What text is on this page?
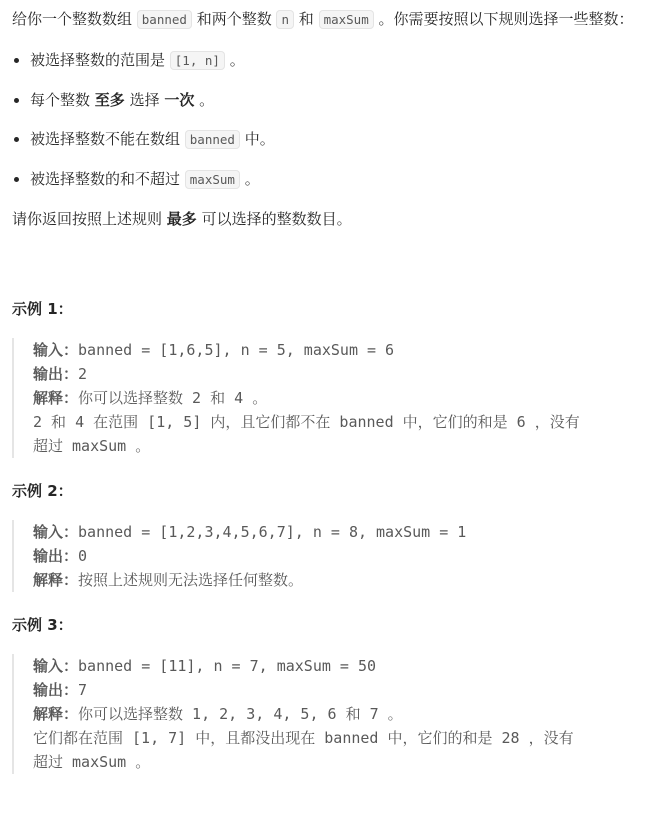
给你一个整数数组 banned 和两个整数 n 和 maxSum 。你需要按照以下规则选择一些整数：

被选择整数的范围是 [1, n] 。
每个整数 至多 选择 一次 。
被选择整数不能在数组 banned 中。
被选择整数的和不超过 maxSum 。

请你返回按照上述规则 最多 可以选择的整数数目。

示例 1：

输入：banned = [1,6,5], n = 5, maxSum = 6
输出：2
解释：你可以选择整数 2 和 4 。
2 和 4 在范围 [1, 5] 内，且它们都不在 banned 中，它们的和是 6 ，没有
超过 maxSum 。

示例 2：

输入：banned = [1,2,3,4,5,6,7], n = 8, maxSum = 1
输出：0
解释：按照上述规则无法选择任何整数。

示例 3：

输入：banned = [11], n = 7, maxSum = 50
输出：7
解释：你可以选择整数 1, 2, 3, 4, 5, 6 和 7 。
它们都在范围 [1, 7] 中，且都没出现在 banned 中，它们的和是 28 ，没有
超过 maxSum 。
